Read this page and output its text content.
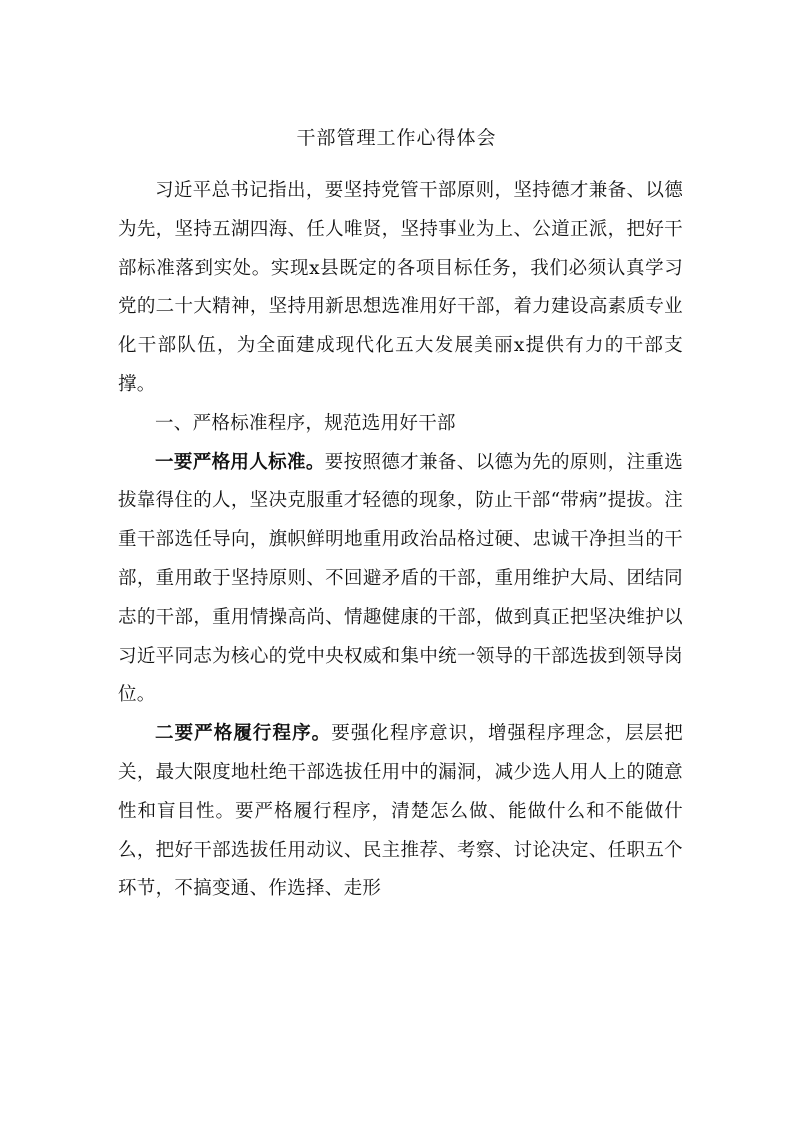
干部管理工作心得体会

习近平总书记指出，要坚持党管干部原则，坚持德才兼备、以德为先，坚持五湖四海、任人唯贤，坚持事业为上、公道正派，把好干部标准落到实处。实现x县既定的各项目标任务，我们必须认真学习党的二十大精神，坚持用新思想选准用好干部，着力建设高素质专业化干部队伍，为全面建成现代化五大发展美丽x提供有力的干部支撑。

一、严格标准程序，规范选用好干部

一要严格用人标准。要按照德才兼备、以德为先的原则，注重选拔靠得住的人，坚决克服重才轻德的现象，防止干部“带病”提拔。注重干部选任导向，旗帜鲜明地重用政治品格过硬、忠诚干净担当的干部，重用敢于坚持原则、不回避矛盾的干部，重用维护大局、团结同志的干部，重用情操高尚、情趣健康的干部，做到真正把坚决维护以习近平同志为核心的党中央权威和集中统一领导的干部选拔到领导岗位。

二要严格履行程序。要强化程序意识，增强程序理念，层层把关，最大限度地杜绝干部选拔任用中的漏洞，减少选人用人上的随意性和盲目性。要严格履行程序，清楚怎么做、能做什么和不能做什么，把好干部选拔任用动议、民主推荐、考察、讨论决定、任职五个环节，不搞变通、作选择、走形
